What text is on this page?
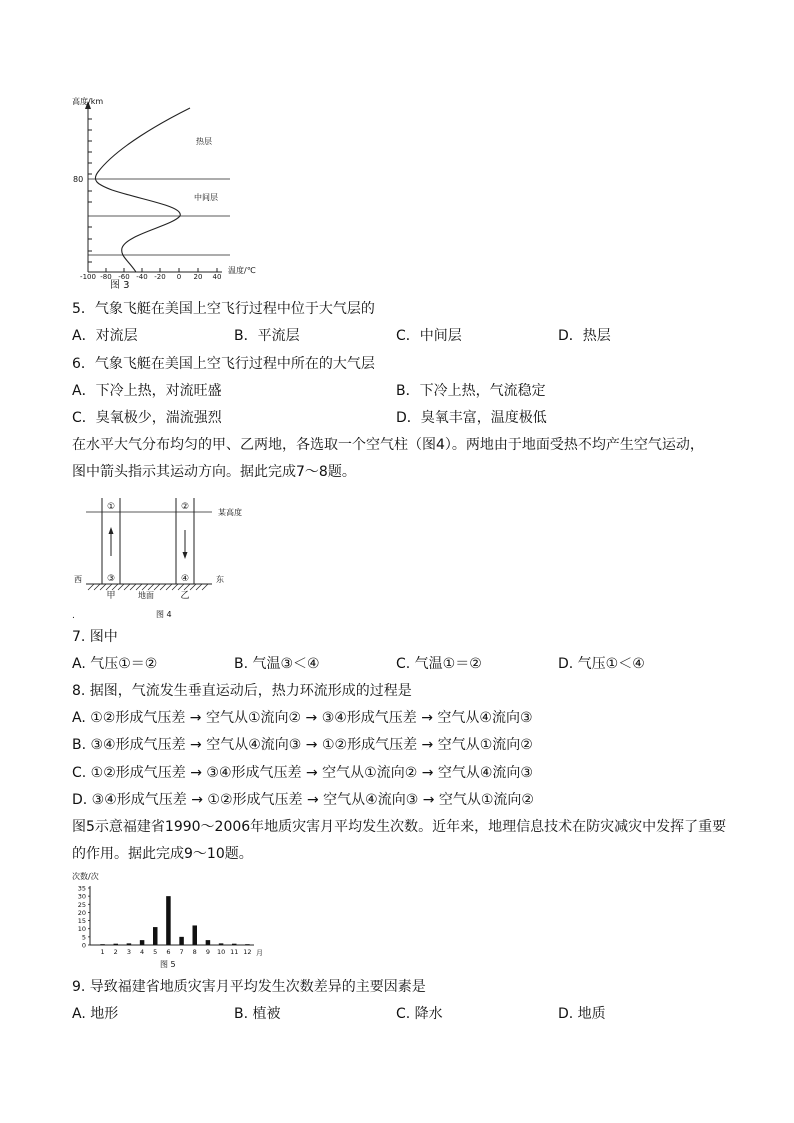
高度/km
80
热层
中间层
温度/℃
-100 -80 -60 -40 -20 0 20 40
图 3
5．气象飞艇在美国上空飞行过程中位于大气层的
A．对流层	B．平流层	C．中间层	D．热层
6．气象飞艇在美国上空飞行过程中所在的大气层
A．下冷上热，对流旺盛	B．下冷上热，气流稳定
C．臭氧极少，湍流强烈	D．臭氧丰富，温度极低
在水平大气分布均匀的甲、乙两地，各选取一个空气柱（图4）。两地由于地面受热不均产生空气运动，
图中箭头指示其运动方向。据此完成7～8题。
①	②
③	④
甲	乙
某高度
西	东
地面
图 4
.
7. 图中
A. 气压①＝②	B. 气温③＜④	C. 气温①＝②	D. 气压①＜④
8. 据图，气流发生垂直运动后，热力环流形成的过程是
A. ①②形成气压差 → 空气从①流向② → ③④形成气压差 → 空气从④流向③
B. ③④形成气压差 → 空气从④流向③ → ①②形成气压差 → 空气从①流向②
C. ①②形成气压差 → ③④形成气压差 → 空气从①流向② → 空气从④流向③
D. ③④形成气压差 → ①②形成气压差 → 空气从④流向③ → 空气从①流向②
图5示意福建省1990～2006年地质灾害月平均发生次数。近年来，地理信息技术在防灾减灾中发挥了重要
的作用。据此完成9～10题。
次数/次
0
5
10
15
20
25
30
35
1 2 3 4 5 6 7 8 9 10 11 12 月
图 5
9. 导致福建省地质灾害月平均发生次数差异的主要因素是
A. 地形	B. 植被	C. 降水	D. 地质
